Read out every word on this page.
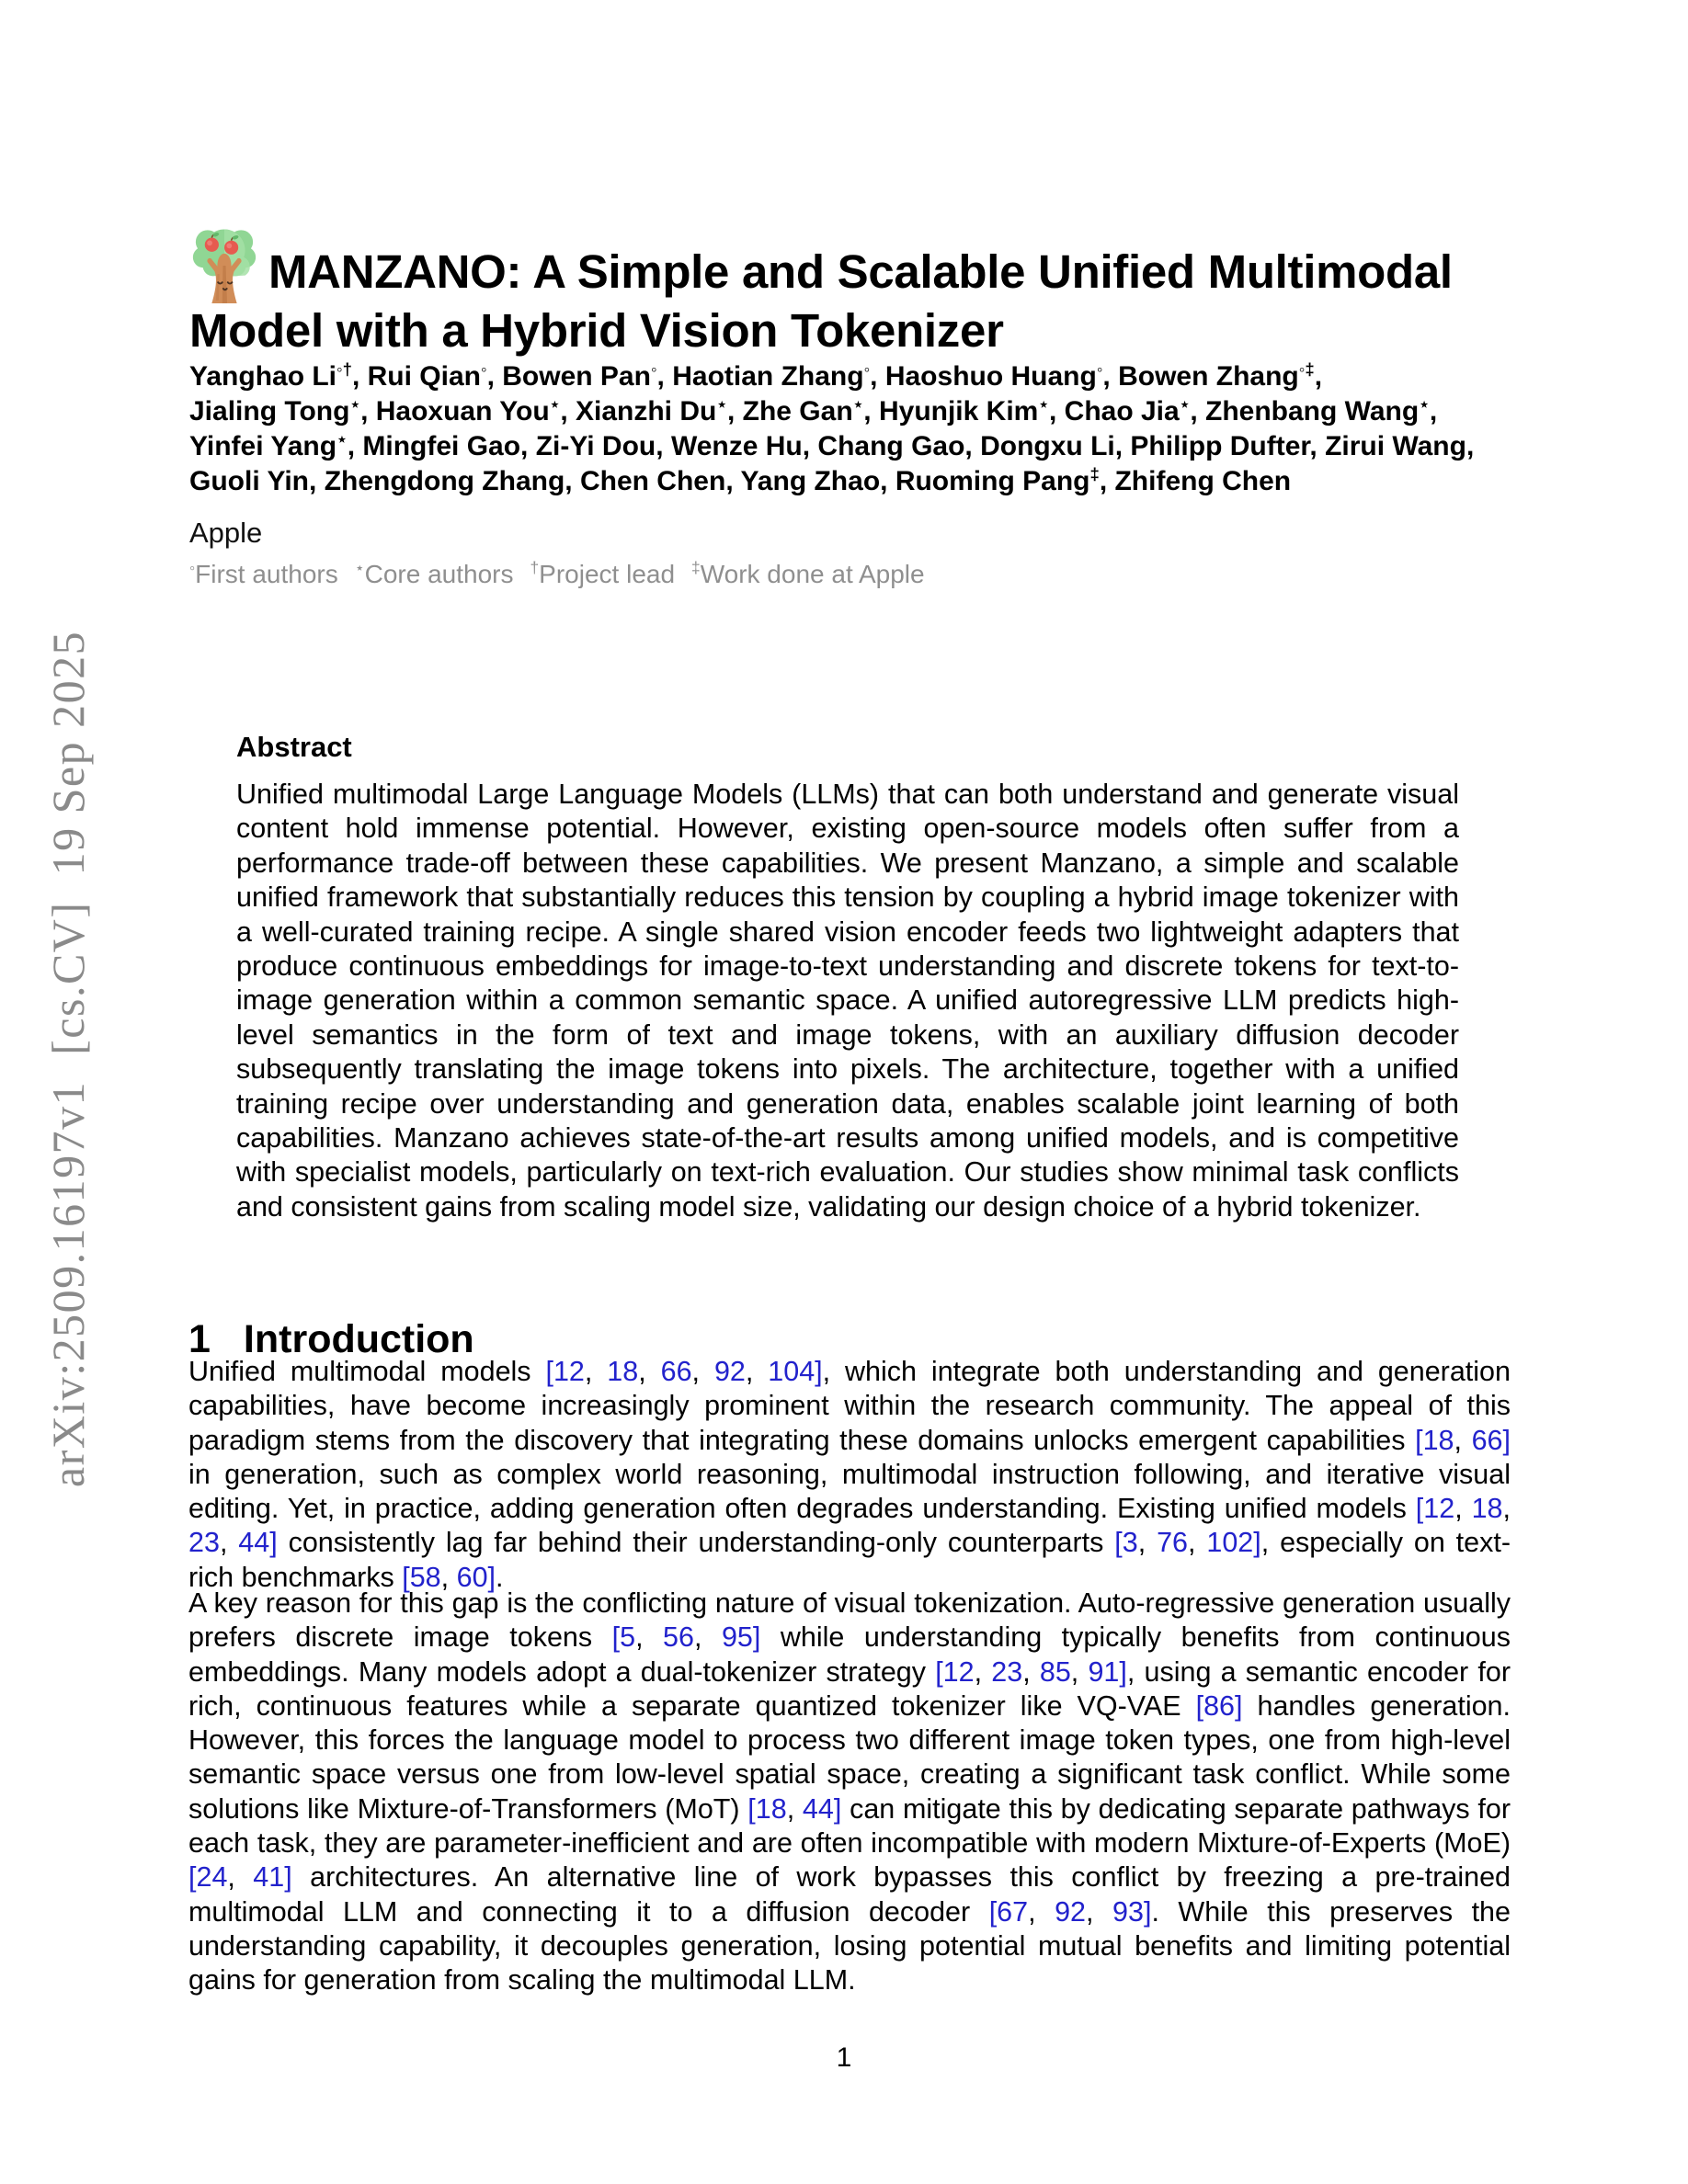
arXiv:2509.16197v1  [cs.CV]  19 Sep 2025
MANZANO: A Simple and Scalable Unified Multimodal Model with a Hybrid Vision Tokenizer
Yanghao Li◦†, Rui Qian◦, Bowen Pan◦, Haotian Zhang◦, Haoshuo Huang◦, Bowen Zhang◦‡,
Jialing Tong⋆, Haoxuan You⋆, Xianzhi Du⋆, Zhe Gan⋆, Hyunjik Kim⋆, Chao Jia⋆, Zhenbang Wang⋆,
Yinfei Yang⋆, Mingfei Gao, Zi-Yi Dou, Wenze Hu, Chang Gao, Dongxu Li, Philipp Dufter, Zirui Wang,
Guoli Yin, Zhengdong Zhang, Chen Chen, Yang Zhao, Ruoming Pang‡, Zhifeng Chen
Apple
◦First authors ⋆Core authors †Project lead ‡Work done at Apple
Abstract

Unified multimodal Large Language Models (LLMs) that can both understand and generate visual content hold immense potential. However, existing open-source models often suffer from a performance trade-off between these capabilities. We present Manzano, a simple and scalable unified framework that substantially reduces this tension by coupling a hybrid image tokenizer with a well-curated training recipe. A single shared vision encoder feeds two lightweight adapters that produce continuous embeddings for image-to-text understanding and discrete tokens for text-to-image generation within a common semantic space. A unified autoregressive LLM predicts high-level semantics in the form of text and image tokens, with an auxiliary diffusion decoder subsequently translating the image tokens into pixels. The architecture, together with a unified training recipe over understanding and generation data, enables scalable joint learning of both capabilities. Manzano achieves state-of-the-art results among unified models, and is competitive with specialist models, particularly on text-rich evaluation. Our studies show minimal task conflicts and consistent gains from scaling model size, validating our design choice of a hybrid tokenizer.

1 Introduction

Unified multimodal models [12, 18, 66, 92, 104], which integrate both understanding and generation capabilities, have become increasingly prominent within the research community. The appeal of this paradigm stems from the discovery that integrating these domains unlocks emergent capabilities [18, 66] in generation, such as complex world reasoning, multimodal instruction following, and iterative visual editing. Yet, in practice, adding generation often degrades understanding. Existing unified models [12, 18, 23, 44] consistently lag far behind their understanding-only counterparts [3, 76, 102], especially on text-rich benchmarks [58, 60].

A key reason for this gap is the conflicting nature of visual tokenization. Auto-regressive generation usually prefers discrete image tokens [5, 56, 95] while understanding typically benefits from continuous embeddings. Many models adopt a dual-tokenizer strategy [12, 23, 85, 91], using a semantic encoder for rich, continuous features while a separate quantized tokenizer like VQ-VAE [86] handles generation. However, this forces the language model to process two different image token types, one from high-level semantic space versus one from low-level spatial space, creating a significant task conflict. While some solutions like Mixture-of-Transformers (MoT) [18, 44] can mitigate this by dedicating separate pathways for each task, they are parameter-inefficient and are often incompatible with modern Mixture-of-Experts (MoE) [24, 41] architectures. An alternative line of work bypasses this conflict by freezing a pre-trained multimodal LLM and connecting it to a diffusion decoder [67, 92, 93]. While this preserves the understanding capability, it decouples generation, losing potential mutual benefits and limiting potential gains for generation from scaling the multimodal LLM.

1
